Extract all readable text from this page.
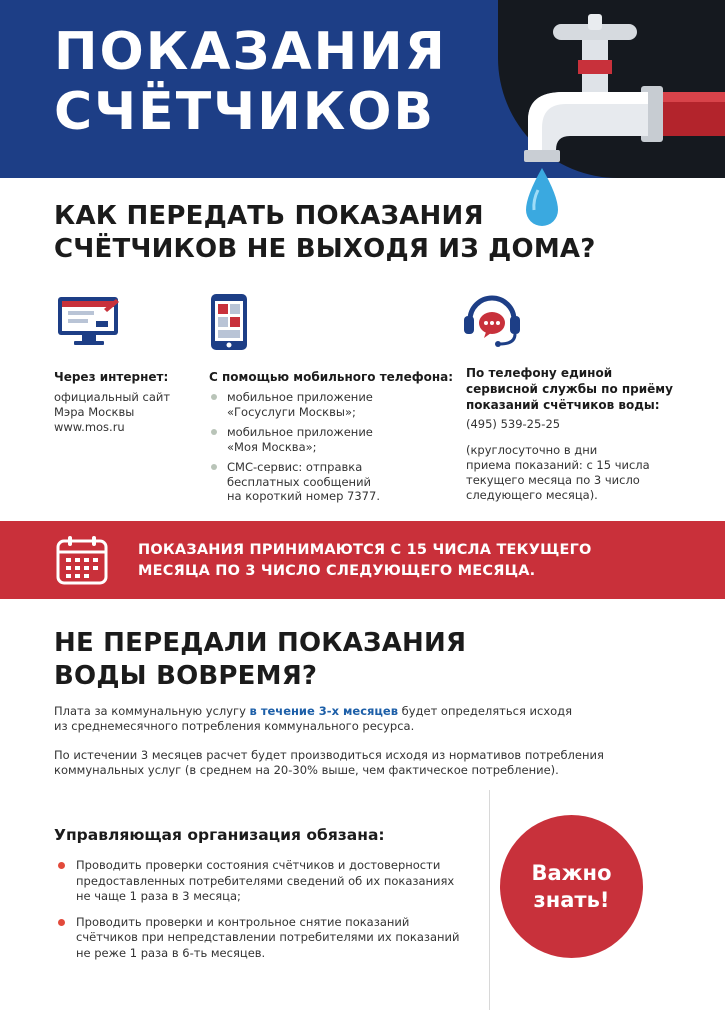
ПОКАЗАНИЯ
СЧЁТЧИКОВ
КАК ПЕРЕДАТЬ ПОКАЗАНИЯ
СЧЁТЧИКОВ НЕ ВЫХОДЯ ИЗ ДОМА?

Через интернет:

официальный сайт
Мэра Москвы
www.mos.ru

С помощью мобильного телефона:

мобильное приложение
«Госуслуги Москвы»;
мобильное приложение
«Моя Москва»;
СМС-сервис: отправка
бесплатных сообщений
на короткий номер 7377.
По телефону единой
сервисной службы по приёму
показаний счётчиков воды:

(495) 539-25-25

(круглосуточно в дни
приема показаний: с 15 числа
текущего месяца по 3 число
следующего месяца).
ПОКАЗАНИЯ ПРИНИМАЮТСЯ С 15 ЧИСЛА ТЕКУЩЕГО
МЕСЯЦА ПО 3 ЧИСЛО СЛЕДУЮЩЕГО МЕСЯЦА.
НЕ ПЕРЕДАЛИ ПОКАЗАНИЯ
ВОДЫ ВОВРЕМЯ?
Плата за коммунальную услугу в течение 3-х месяцев будет определяться исходя
из среднемесячного потребления коммунального ресурса.
По истечении 3 месяцев расчет будет производиться исходя из нормативов потребления
коммунальных услуг (в среднем на 20-30% выше, чем фактическое потребление).

Управляющая организация обязана:

Проводить проверки состояния счётчиков и достоверности
предоставленных потребителями сведений об их показаниях
не чаще 1 раза в 3 месяца;
Проводить проверки и контрольное снятие показаний
счётчиков при непредставлении потребителями их показаний
не реже 1 раза в 6-ть месяцев.
Важно
знать!
